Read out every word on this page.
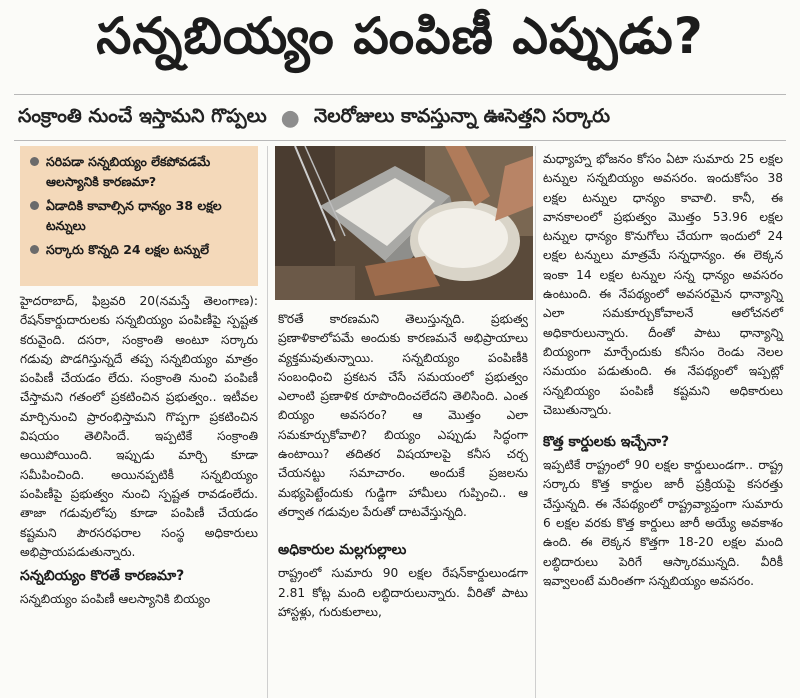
సన్నబియ్యం పంపిణీ ఎప్పుడు?
సంక్రాంతి నుంచే ఇస్తామని గొప్పలు ● నెలరోజులు కావస్తున్నా ఊసెత్తని సర్కారు
సరిపడా సన్నబియ్యం లేకపోవడమే ఆలస్యానికి కారణమా?
ఏడాదికి కావాల్సిన ధాన్యం 38 లక్షల టన్నులు
సర్కారు కొన్నది 24 లక్షల టన్నులే

హైదరాబాద్, ఫిబ్రవరి 20(నమస్తే తెలంగాణ): రేషన్‌కార్డుదారులకు సన్నబియ్యం పంపిణీపై స్పష్టత కరువైంది. దసరా, సంక్రాంతి అంటూ సర్కారు గడువు పొడగిస్తున్నదే తప్ప సన్నబియ్యం మాత్రం పంపిణీ చేయడం లేదు. సంక్రాంతి నుంచి పంపిణీ చేస్తామని గతంలో ప్రకటించిన ప్రభుత్వం.. ఇటీవల మార్చినుంచి ప్రారంభిస్తామని గొప్పగా ప్రకటించిన విషయం తెలిసిందే. ఇప్పటికే సంక్రాంతి అయిపోయింది. ఇప్పుడు మార్చి కూడా సమీపించింది. అయినప్పటికీ సన్నబియ్యం పంపిణీపై ప్రభుత్వం నుంచి స్పష్టత రావడంలేదు. తాజా గడువులోపు కూడా పంపిణీ చేయడం కష్టమని పౌరసరఫరాల సంస్థ అధికారులు అభిప్రాయపడుతున్నారు.

సన్నబియ్యం కొరతే కారణమా?

సన్నబియ్యం పంపిణీ ఆలస్యానికి బియ్యం

కొరతే కారణమని తెలుస్తున్నది. ప్రభుత్వ ప్రణాళికాలోపమే అందుకు కారణమనే అభిప్రాయాలు వ్యక్తమవుతున్నాయి. సన్నబియ్యం పంపిణీకి సంబంధించి ప్రకటన చేసే సమయంలో ప్రభుత్వం ఎలాంటి ప్రణాళిక రూపొందించలేదని తెలిసింది. ఎంత బియ్యం అవసరం? ఆ మొత్తం ఎలా సమకూర్చుకోవాలి? బియ్యం ఎప్పుడు సిద్ధంగా ఉంటాయి? తదితర విషయాలపై కనీస చర్చ చేయనట్టు సమాచారం. అందుకే ప్రజలను మభ్యపెట్టేందుకు గుడ్డిగా హామీలు గుప్పించి.. ఆ తర్వాత గడువుల పేరుతో దాటవేస్తున్నది.

అధికారుల మల్లగుల్లాలు

రాష్ట్రంలో సుమారు 90 లక్షల రేషన్‌కార్డులుండగా 2.81 కోట్ల మంది లబ్ధిదారులున్నారు. వీరితో పాటు హాస్టళ్లు, గురుకులాలు,

మధ్యాహ్న భోజనం కోసం ఏటా సుమారు 25 లక్షల టన్నుల సన్నబియ్యం అవసరం. ఇందుకోసం 38 లక్షల టన్నుల ధాన్యం కావాలి. కానీ, ఈ వానకాలంలో ప్రభుత్వం మొత్తం 53.96 లక్షల టన్నుల ధాన్యం కొనుగోలు చేయగా ఇందులో 24 లక్షల టన్నులు మాత్రమే సన్నధాన్యం. ఈ లెక్కన ఇంకా 14 లక్షల టన్నుల సన్న ధాన్యం అవసరం ఉంటుంది. ఈ నేపథ్యంలో అవసరమైన ధాన్యాన్ని ఎలా సమకూర్చుకోవాలనే ఆలోచనలో అధికారులున్నారు. దీంతో పాటు ధాన్యాన్ని బియ్యంగా మార్చేందుకు కనీసం రెండు నెలల సమయం పడుతుంది. ఈ నేపథ్యంలో ఇప్పట్లో సన్నబియ్యం పంపిణీ కష్టమని అధికారులు చెబుతున్నారు.

కొత్త కార్డులకు ఇచ్చేనా?

ఇప్పటికే రాష్ట్రంలో 90 లక్షల కార్డులుండగా.. రాష్ట్ర సర్కారు కొత్త కార్డుల జారీ ప్రక్రియపై కసరత్తు చేస్తున్నది. ఈ నేపథ్యంలో రాష్ట్రవ్యాప్తంగా సుమారు 6 లక్షల వరకు కొత్త కార్డులు జారీ అయ్యే అవకాశం ఉంది. ఈ లెక్కన కొత్తగా 18-20 లక్షల మంది లబ్ధిదారులు పెరిగే ఆస్కారమున్నది. వీరికీ ఇవ్వాలంటే మరింతగా సన్నబియ్యం అవసరం.
